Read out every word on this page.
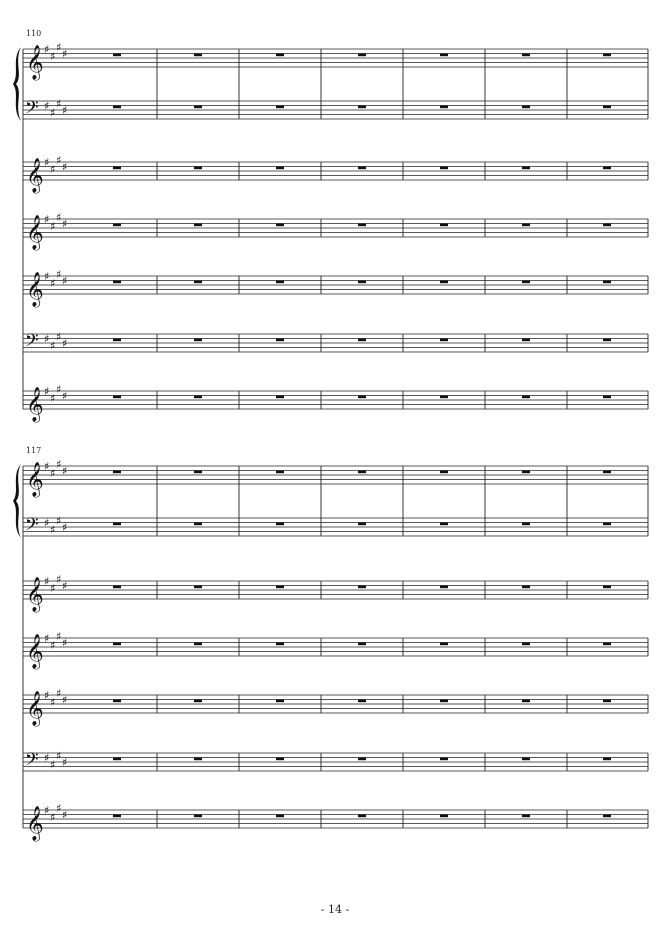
110
𝄞 ♯
♯
♯
♯
𝄢 ♯
♯
♯
♯
𝄞 ♯
♯
♯
♯
𝄞 ♯
♯
♯
♯
𝄞 ♯
♯
♯
♯
𝄢 ♯
♯
♯
♯
𝄞 ♯
♯
♯
♯
117
𝄞 ♯
♯
♯
♯
𝄢 ♯
♯
♯
♯
𝄞 ♯
♯
♯
♯
𝄞 ♯
♯
♯
♯
𝄞 ♯
♯
♯
♯
𝄢 ♯
♯
♯
♯
𝄞 ♯
♯
♯
♯
- 14 -
